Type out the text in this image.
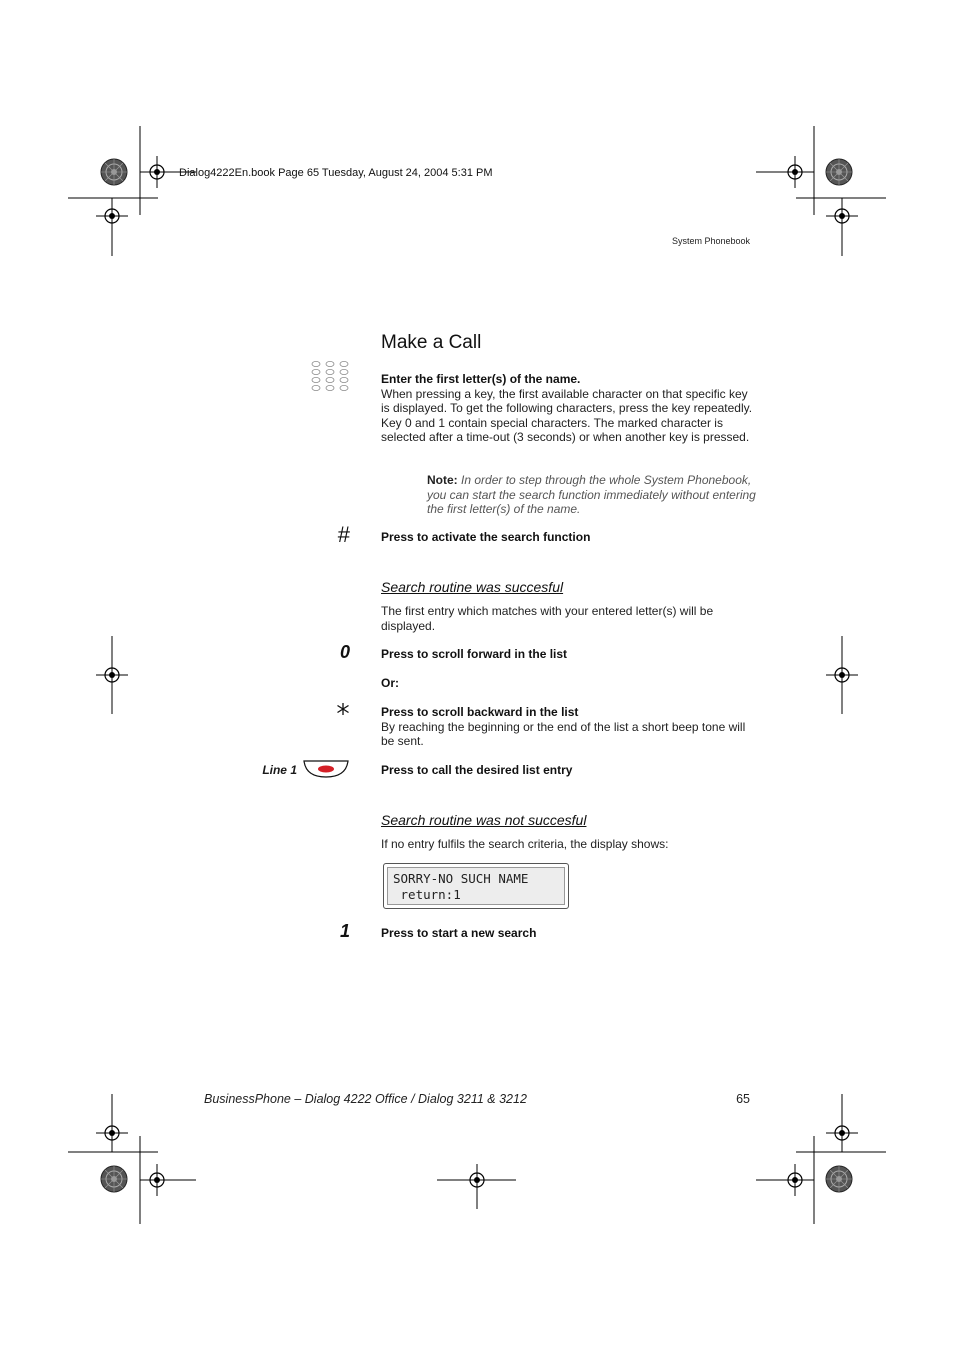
Dialog4222En.book Page 65 Tuesday, August 24, 2004 5:31 PM
System Phonebook
Make a Call
Enter the first letter(s) of the name.
When pressing a key, the first available character on that specific key is displayed. To get the following characters, press the key repeatedly. Key 0 and 1 contain special characters. The marked character is selected after a time-out (3 seconds) or when another key is pressed.
Note: In order to step through the whole System Phonebook, you can start the search function immediately without entering the first letter(s) of the name.
#	Press to activate the search function
Search routine was succesful
The first entry which matches with your entered letter(s) will be displayed.
0	Press to scroll forward in the list
Or:
Press to scroll backward in the list
By reaching the beginning or the end of the list a short beep tone will be sent.
Line 1	Press to call the desired list entry
Search routine was not succesful
If no entry fulfils the search criteria, the display shows:
SORRY-NO SUCH NAME
return:1
1	Press to start a new search
BusinessPhone – Dialog 4222 Office / Dialog 3211 & 3212	65
